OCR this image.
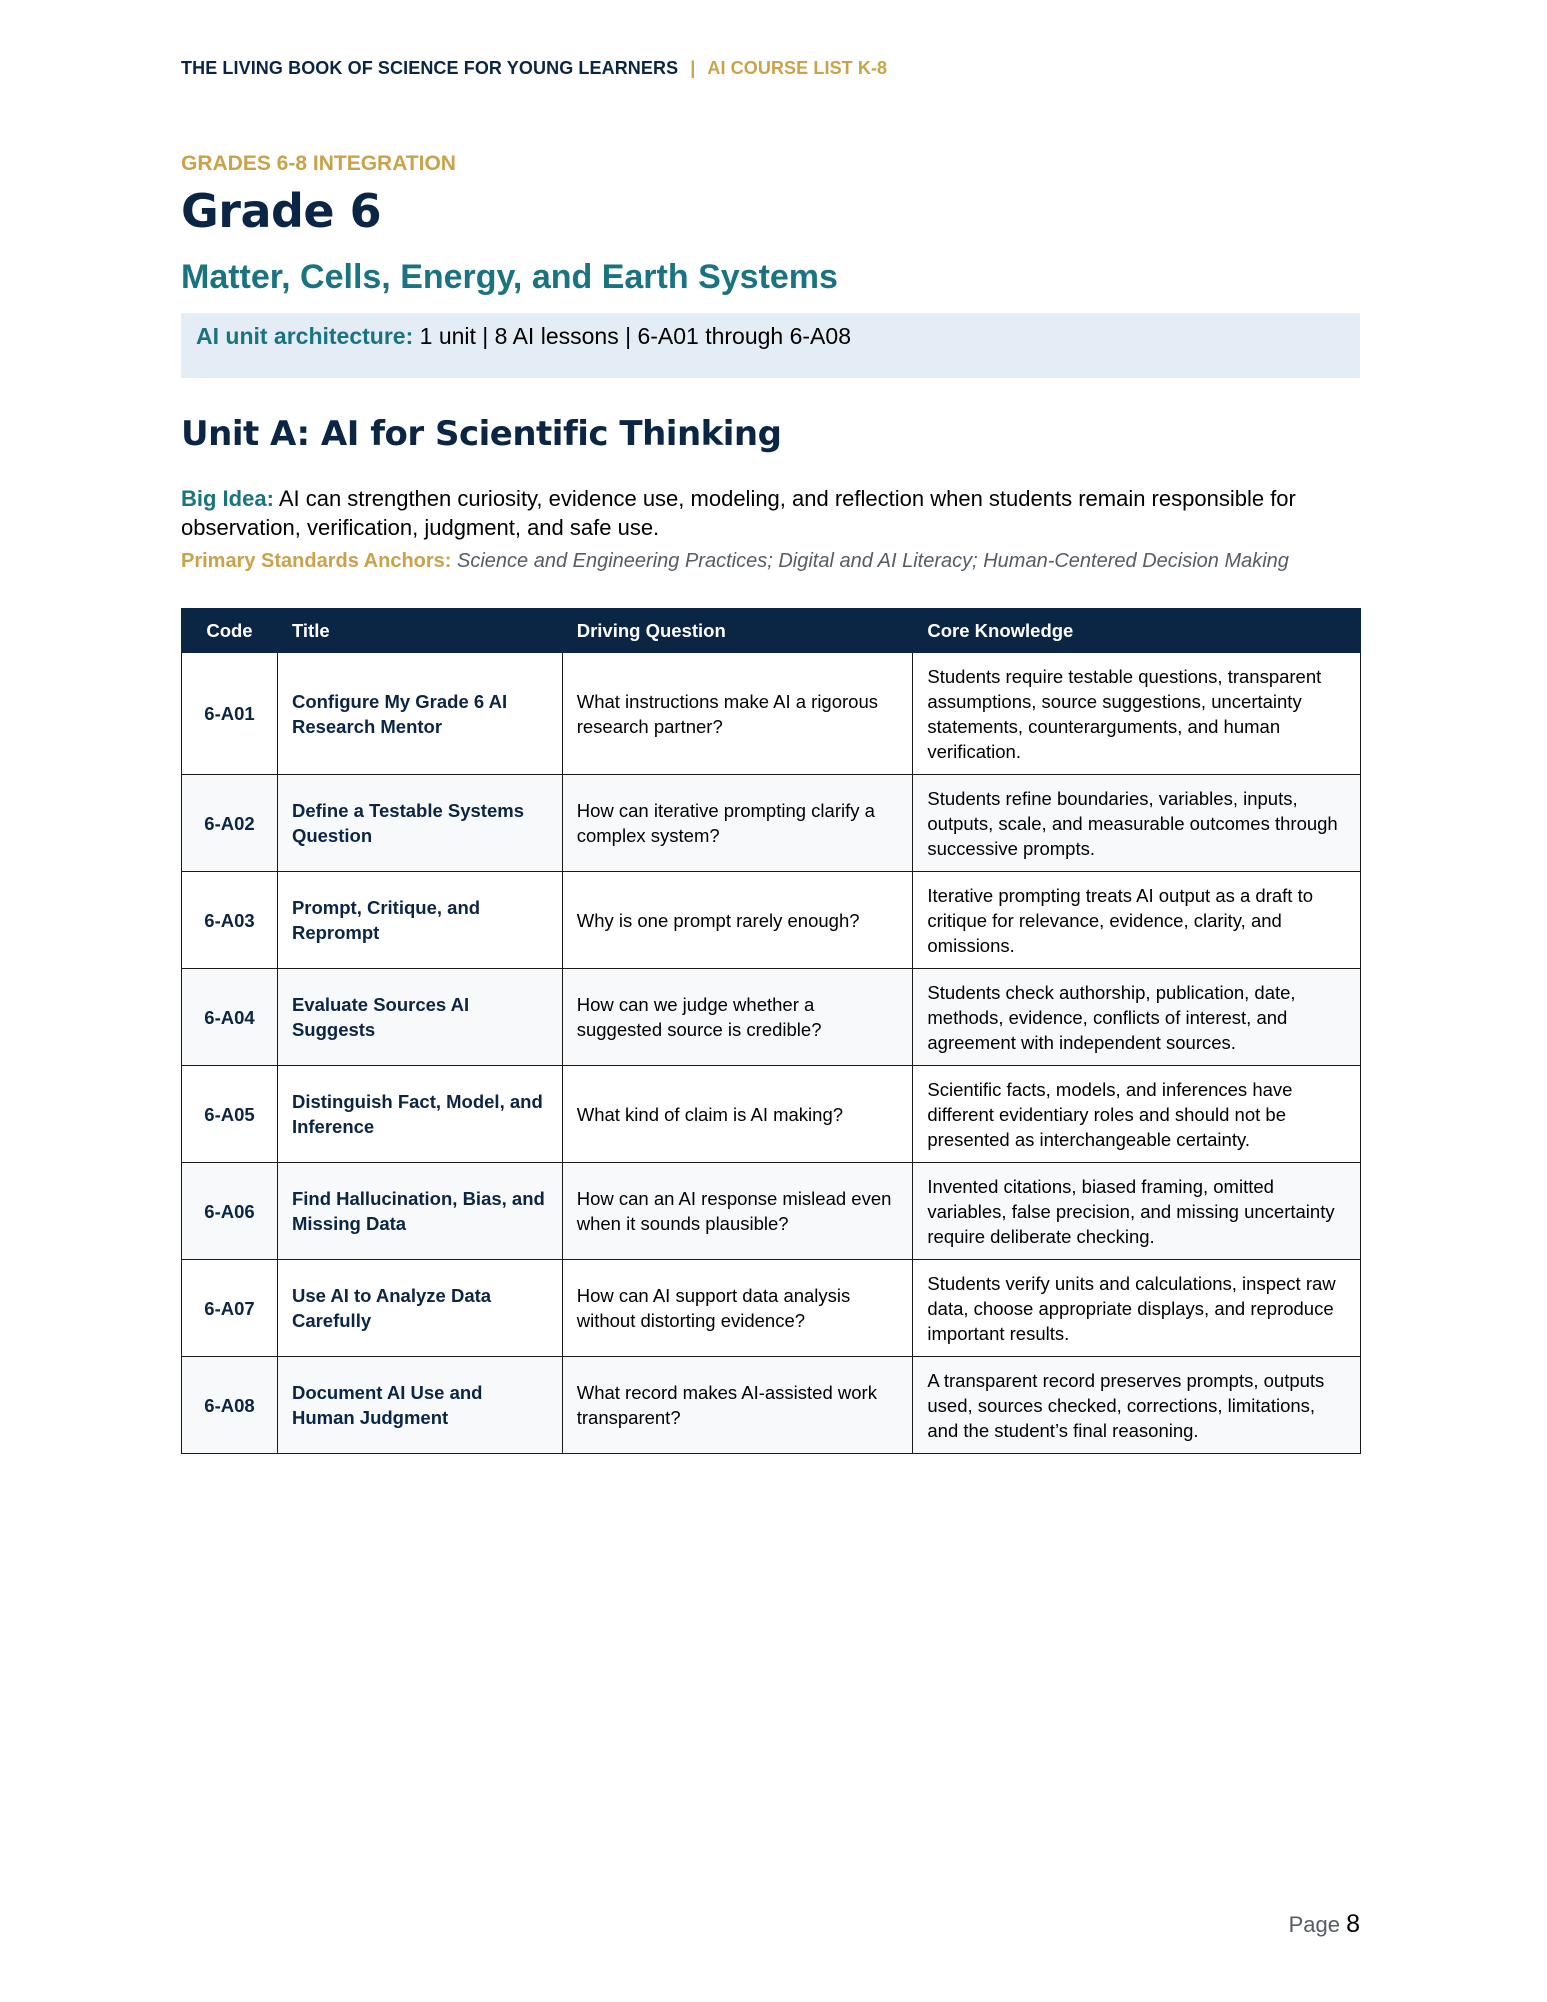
THE LIVING BOOK OF SCIENCE FOR YOUNG LEARNERS | AI COURSE LIST K-8
GRADES 6-8 INTEGRATION
Grade 6
Matter, Cells, Energy, and Earth Systems
AI unit architecture: 1 unit | 8 AI lessons | 6-A01 through 6-A08
Unit A: AI for Scientific Thinking
Big Idea: AI can strengthen curiosity, evidence use, modeling, and reflection when students remain responsible for observation, verification, judgment, and safe use.
Primary Standards Anchors: Science and Engineering Practices; Digital and AI Literacy; Human-Centered Decision Making
Code	Title	Driving Question	Core Knowledge
6-A01	Configure My Grade 6 AI Research Mentor	What instructions make AI a rigorous research partner?	Students require testable questions, transparent assumptions, source suggestions, uncertainty statements, counterarguments, and human verification.
6-A02	Define a Testable Systems Question	How can iterative prompting clarify a complex system?	Students refine boundaries, variables, inputs, outputs, scale, and measurable outcomes through successive prompts.
6-A03	Prompt, Critique, and Reprompt	Why is one prompt rarely enough?	Iterative prompting treats AI output as a draft to critique for relevance, evidence, clarity, and omissions.
6-A04	Evaluate Sources AI Suggests	How can we judge whether a suggested source is credible?	Students check authorship, publication, date, methods, evidence, conflicts of interest, and agreement with independent sources.
6-A05	Distinguish Fact, Model, and Inference	What kind of claim is AI making?	Scientific facts, models, and inferences have different evidentiary roles and should not be presented as interchangeable certainty.
6-A06	Find Hallucination, Bias, and Missing Data	How can an AI response mislead even when it sounds plausible?	Invented citations, biased framing, omitted variables, false precision, and missing uncertainty require deliberate checking.
6-A07	Use AI to Analyze Data Carefully	How can AI support data analysis without distorting evidence?	Students verify units and calculations, inspect raw data, choose appropriate displays, and reproduce important results.
6-A08	Document AI Use and Human Judgment	What record makes AI-assisted work transparent?	A transparent record preserves prompts, outputs used, sources checked, corrections, limitations, and the student’s final reasoning.
Page 8
